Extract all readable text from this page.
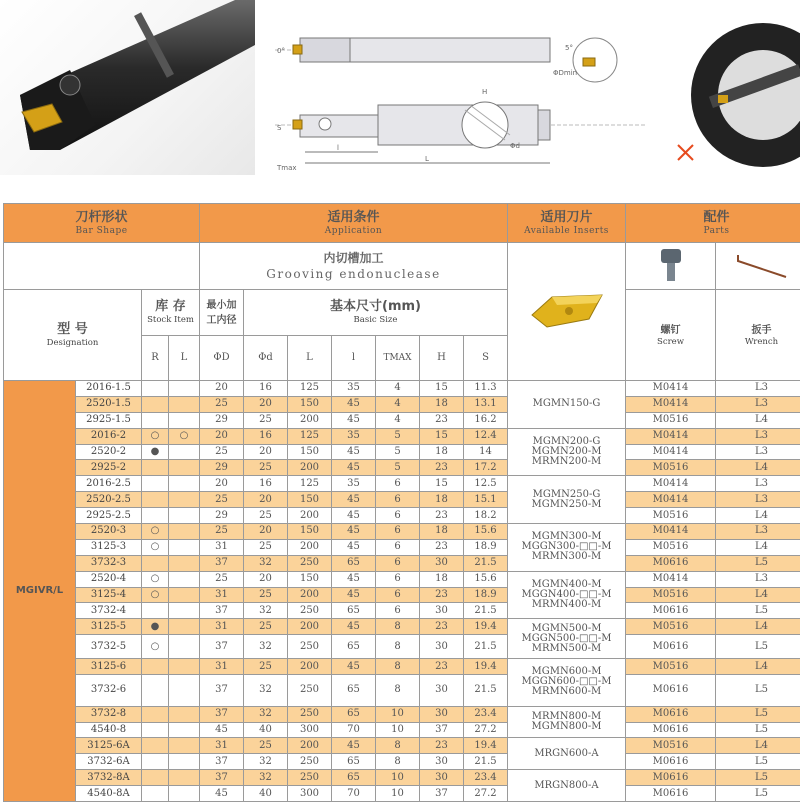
0°	5°
ΦDmin
H
Φd
S
l
L
Tmax
刀杆形状
Bar Shape				适用条件
Application							适用刀片
Available Inserts	配件
Parts	

				内切槽加工
Grooving endonuclease

型 号
Designation		库 存
Stock Item		最小加工内径	基本尺寸(mm)
Basic Size							螺钉
Screw	扳手
Wrench

		R	L	ΦD	Φd	L	l	TMAX	H	S			
MGIVR/L	2016-1.5			20	16	125	35	4	15	11.3	MGMN150-G	M0414	L3
	2520-1.5			25	20	150	45	4	18	13.1		M0414	L3
	2925-1.5			29	25	200	45	4	23	16.2		M0516	L4
	2016-2	○	○	20	16	125	35	5	15	12.4	MGMN200-G
MGMN200-M
MRMN200-M	M0414	L3
	2520-2	●		25	20	150	45	5	18	14		M0414	L3
	2925-2			29	25	200	45	5	23	17.2		M0516	L4
	2016-2.5			20	16	125	35	6	15	12.5	MGMN250-G
MGMN250-M	M0414	L3
	2520-2.5			25	20	150	45	6	18	15.1		M0414	L3
	2925-2.5			29	25	200	45	6	23	18.2		M0516	L4
	2520-3	○		25	20	150	45	6	18	15.6	MGMN300-M
MGGN300-□□-M
MRMN300-M	M0414	L3
	3125-3	○		31	25	200	45	6	23	18.9		M0516	L4
	3732-3			37	32	250	65	6	30	21.5		M0616	L5
	2520-4	○		25	20	150	45	6	18	15.6	MGMN400-M
MGGN400-□□-M
MRMN400-M	M0414	L3
	3125-4	○		31	25	200	45	6	23	18.9		M0516	L4
	3732-4			37	32	250	65	6	30	21.5		M0616	L5
	3125-5	●		31	25	200	45	8	23	19.4	MGMN500-M
MGGN500-□□-M
MRMN500-M	M0516	L4
	3732-5	○		37	32	250	65	8	30	21.5		M0616	L5
	3125-6			31	25	200	45	8	23	19.4	MGMN600-M
MGGN600-□□-M
MRMN600-M	M0516	L4
	3732-6			37	32	250	65	8	30	21.5		M0616	L5
	3732-8			37	32	250	65	10	30	23.4	MRMN800-M
MGMN800-M	M0616	L5
	4540-8			45	40	300	70	10	37	27.2		M0616	L5
	3125-6A			31	25	200	45	8	23	19.4	MRGN600-A	M0516	L4
	3732-6A			37	32	250	65	8	30	21.5		M0616	L5
	3732-8A			37	32	250	65	10	30	23.4	MRGN800-A	M0616	L5
	4540-8A			45	40	300	70	10	37	27.2		M0616	L5
